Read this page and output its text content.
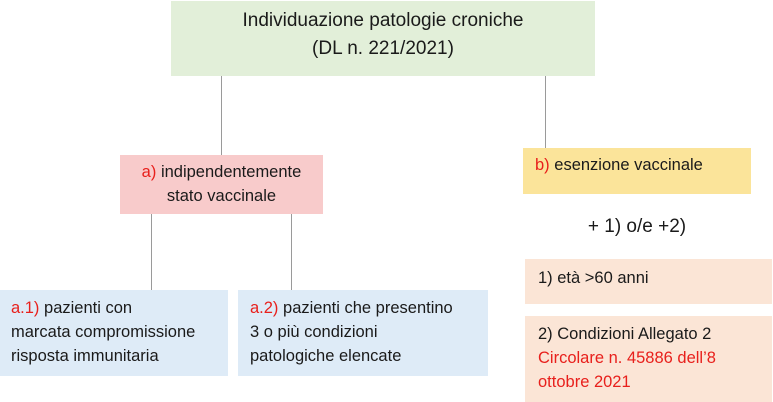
Individuazione patologie croniche
(DL n. 221/2021)
a) indipendentemente
stato vaccinale
b) esenzione vaccinale
+ 1) o/e +2)
a.1) pazienti con
marcata compromissione
risposta immunitaria
a.2) pazienti che presentino
3 o più condizioni
patologiche elencate
1) età >60 anni
2) Condizioni Allegato 2
Circolare n. 45886 dell’8
ottobre 2021
